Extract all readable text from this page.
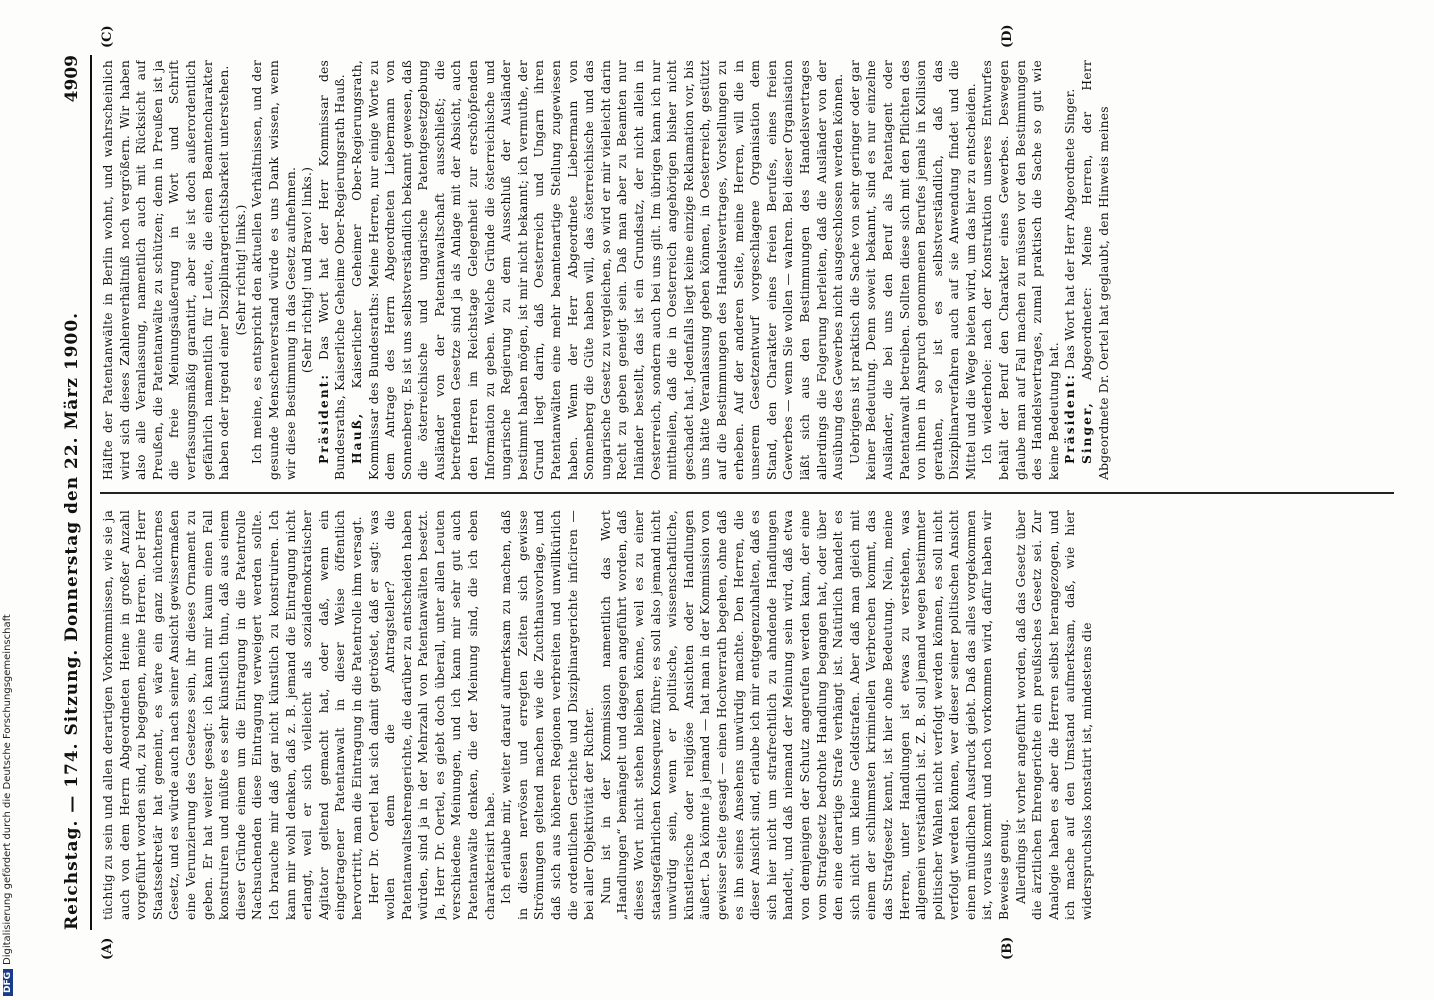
Reichstag. — 174. Sitzung. Donnerstag den 22. März 1900.
4909
(A)	(B)
(C)	(D)

tüchtig zu sein und allen derartigen Vorkommnissen, wie sie ja auch von dem Herrn Abgeordneten Heine in großer Anzahl vorgeführt worden sind, zu begegnen, meine Herren. Der Herr Staatssekretär hat gemeint, es wäre ein ganz nüchternes Gesetz, und es würde auch nach seiner Ansicht gewissermaßen eine Verunzierung des Gesetzes sein, ihr dieses Ornament zu geben. Er hat weiter gesagt: ich kann mir kaum einen Fall konstruiren und müßte es sehr künstlich thun, daß aus einem dieser Gründe einem um die Eintragung in die Patentrolle Nachsuchenden diese Eintragung verweigert werden sollte. Ich brauche mir daß gar nicht künstlich zu konstruiren. Ich kann mir wohl denken, daß z. B. jemand die Eintragung nicht erlangt, weil er sich vielleicht als sozialdemokratischer Agitator geltend gemacht hat, oder daß, wenn ein eingetragener Patentanwalt in dieser Weise öffentlich hervortritt, man die Eintragung in die Patentrolle ihm versagt. Herr Dr. Oertel hat sich damit getröstet, daß er sagt: was wollen denn die Antragsteller? die Patentanwaltsehrengerichte, die darüber zu entscheiden haben würden, sind ja in der Mehrzahl von Patentanwälten besetzt. Ja, Herr Dr. Oertel, es giebt doch überall, unter allen Leuten verschiedene Meinungen, und ich kann mir sehr gut auch Patentanwälte denken, die der Meinung sind, die ich eben charakterisirt habe. Ich erlaube mir, weiter darauf aufmerksam zu machen, daß in diesen nervösen und erregten Zeiten sich gewisse Strömungen geltend machen wie die Zuchthausvorlage, und daß sich aus höheren Regionen verbreiten und unwillkürlich die ordentlichen Gerichte und Disziplinargerichte inficiren — bei aller Objektivität der Richter. Nun ist in der Kommission namentlich das Wort „Handlungen“ bemängelt und dagegen angeführt worden, daß dieses Wort nicht stehen bleiben könne, weil es zu einer staatsgefährlichen Konsequenz führe; es soll also jemand nicht unwürdig sein, wenn er politische, wissenschaftliche, künstlerische oder religiöse Ansichten oder Handlungen äußert. Da könnte ja jemand — hat man in der Kommission von gewisser Seite gesagt — einen Hochverrath begehen, ohne daß es ihn seines Ansehens unwürdig machte. Den Herren, die dieser Ansicht sind, erlaube ich mir entgegenzuhalten, daß es sich hier nicht um strafrechtlich zu ahndende Handlungen handelt, und daß niemand der Meinung sein wird, daß etwa von demjenigen der Schutz angerufen werden kann, der eine vom Strafgesetz bedrohte Handlung begangen hat, oder über den eine derartige Strafe verhängt ist. Natürlich handelt es sich nicht um kleine Geldstrafen. Aber daß man gleich mit einem der schlimmsten kriminellen Verbrechen kommt, das das Strafgesetz kennt, ist hier ohne Bedeutung. Nein, meine Herren, unter Handlungen ist etwas zu verstehen, was allgemein verständlich ist. Z. B. soll jemand wegen bestimmter politischer Wahlen nicht verfolgt werden können, es soll nicht verfolgt werden können, wer dieser seiner politischen Ansicht einen mündlichen Ausdruck giebt. Daß das alles vorgekommen ist, voraus kommt und noch vorkommen wird, dafür haben wir Beweise genug. Allerdings ist vorher angeführt worden, daß das Gesetz über die ärztlichen Ehrengerichte ein preußisches Gesetz sei. Zur Analogie haben es aber die Herren selbst herangezogen, und ich mache auf den Umstand aufmerksam, daß, wie hier widerspruchslos konstatirt ist, mindestens die

Hälfte der Patentanwälte in Berlin wohnt, und wahrscheinlich wird sich dieses Zahlenverhältniß noch vergrößern. Wir haben also alle Veranlassung, namentlich auch mit Rücksicht auf Preußen, die Patentanwälte zu schützen; denn in Preußen ist ja die freie Meinungsäußerung in Wort und Schrift verfassungsmäßig garantirt, aber sie ist doch außerordentlich gefährlich namentlich für Leute, die einen Beamtencharakter haben oder irgend einer Disziplinargerichtsbarkeit unterstehen. (Sehr richtig! links.) Ich meine, es entspricht den aktuellen Verhältnissen, und der gesunde Menschenverstand würde es uns Dank wissen, wenn wir diese Bestimmung in das Gesetz aufnehmen. (Sehr richtig! und Bravo! links.)

Präsident: Das Wort hat der Herr Kommissar des Bundesraths, Kaiserliche Geheime Ober-Regierungsrath Hauß. Hauß, Kaiserlicher Geheimer Ober-Regierungsrath, Kommissar des Bundesraths: Meine Herren, nur einige Worte zu dem Antrage des Herrn Abgeordneten Liebermann von Sonnenberg. Es ist uns selbstverständlich bekannt gewesen, daß die österreichische und ungarische Patentgesetzgebung Ausländer von der Patentanwaltschaft ausschließt; die betreffenden Gesetze sind ja als Anlage mit der Absicht, auch den Herren im Reichstage Gelegenheit zur erschöpfenden Information zu geben. Welche Gründe die österreichische und ungarische Regierung zu dem Ausschluß der Ausländer bestimmt haben mögen, ist mir nicht bekannt; ich vermuthe, der Grund liegt darin, daß Oesterreich und Ungarn ihren Patentanwälten eine mehr beamtenartige Stellung zugewiesen haben. Wenn der Herr Abgeordnete Liebermann von Sonnenberg die Güte haben will, das österreichische und das ungarische Gesetz zu vergleichen, so wird er mir vielleicht darin Recht zu geben geneigt sein. Daß man aber zu Beamten nur Inländer bestellt, das ist ein Grundsatz, der nicht allein in Oesterreich, sondern auch bei uns gilt. Im übrigen kann ich nur mittheilen, daß die in Oesterreich angehörigen bisher nicht geschadet hat. Jedenfalls liegt keine einzige Reklamation vor, bis uns hätte Veranlassung geben können, in Oesterreich, gestützt auf die Bestimmungen des Handelsvertrages, Vorstellungen zu erheben. Auf der anderen Seite, meine Herren, will die in unserem Gesetzentwurf vorgeschlagene Organisation dem Stand, den Charakter eines freien Berufes, eines freien Gewerbes — wenn Sie wollen — wahren. Bei dieser Organisation läßt sich aus den Bestimmungen des Handelsvertrages allerdings die Folgerung herleiten, daß die Ausländer von der Ausübung des Gewerbes nicht ausgeschlossen werden können. Uebrigens ist praktisch die Sache von sehr geringer oder gar keiner Bedeutung. Denn soweit bekannt, sind es nur einzelne Ausländer, die bei uns den Beruf als Patentagent oder Patentanwalt betreiben. Sollten diese sich mit den Pflichten des von ihnen in Anspruch genommenen Berufes jemals in Kollision gerathen, so ist es selbstverständlich, daß das Disziplinarverfahren auch auf sie Anwendung findet und die Mittel und die Wege bieten wird, um das hier zu entscheiden. Ich wiederhole: nach der Konstruktion unseres Entwurfes behält der Beruf den Charakter eines Gewerbes. Deswegen glaube man auf Fall machen zu müssen vor den Bestimmungen des Handelsvertrages, zumal praktisch die Sache so gut wie keine Bedeutung hat. Präsident: Das Wort hat der Herr Abgeordnete Singer.

Singer, Abgeordneter: Meine Herren, der Herr Abgeordnete Dr. Oertel hat geglaubt, den Hinweis meines

DFGDigitalisierung gefördert durch die Deutsche Forschungsgemeinschaft
